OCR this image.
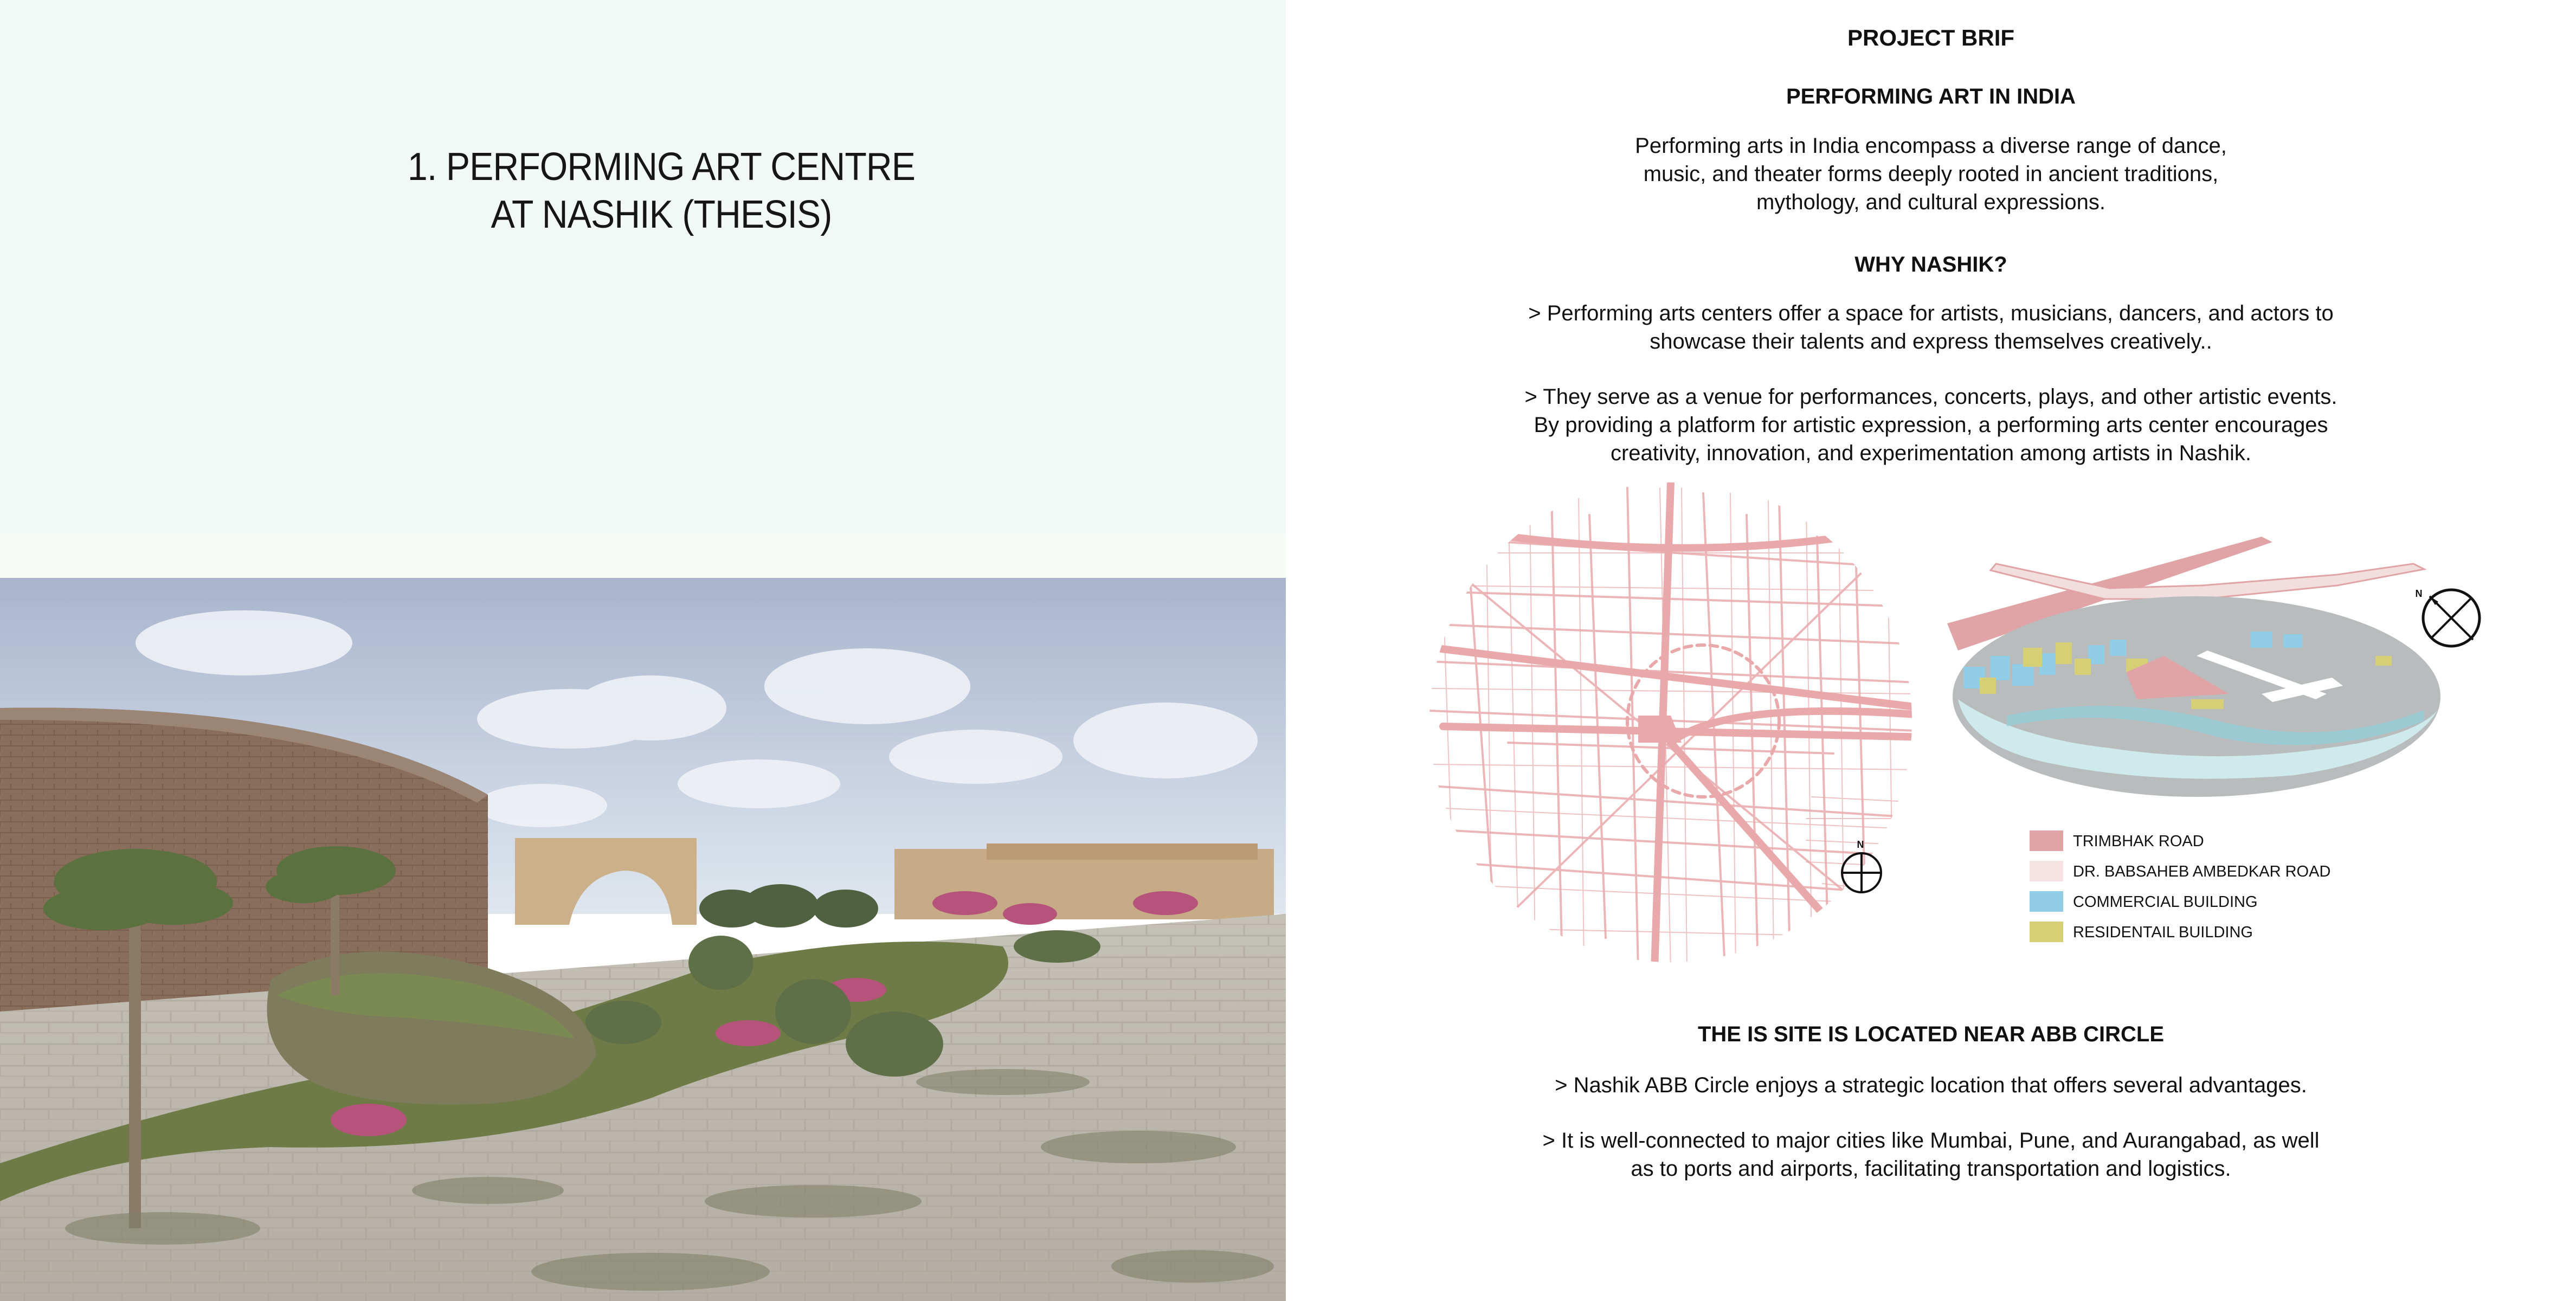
1. PERFORMING ART CENTRE
AT NASHIK (THESIS)
PROJECT BRIF
PERFORMING ART IN INDIA
Performing arts in India encompass a diverse range of dance,
music, and theater forms deeply rooted in ancient traditions,
mythology, and cultural expressions.
WHY NASHIK?
> Performing arts centers offer a space for artists, musicians, dancers, and actors to
showcase their talents and express themselves creatively..
> They serve as a venue for performances, concerts, plays, and other artistic events.
By providing a platform for artistic expression, a performing arts center encourages
creativity, innovation, and experimentation among artists in Nashik.
N
N
TRIMBHAK ROAD
DR. BABSAHEB AMBEDKAR ROAD
COMMERCIAL BUILDING
RESIDENTAIL BUILDING
THE IS SITE IS LOCATED NEAR ABB CIRCLE
> Nashik ABB Circle enjoys a strategic location that offers several advantages.
> It is well-connected to major cities like Mumbai, Pune, and Aurangabad, as well
as to ports and airports, facilitating transportation and logistics.
